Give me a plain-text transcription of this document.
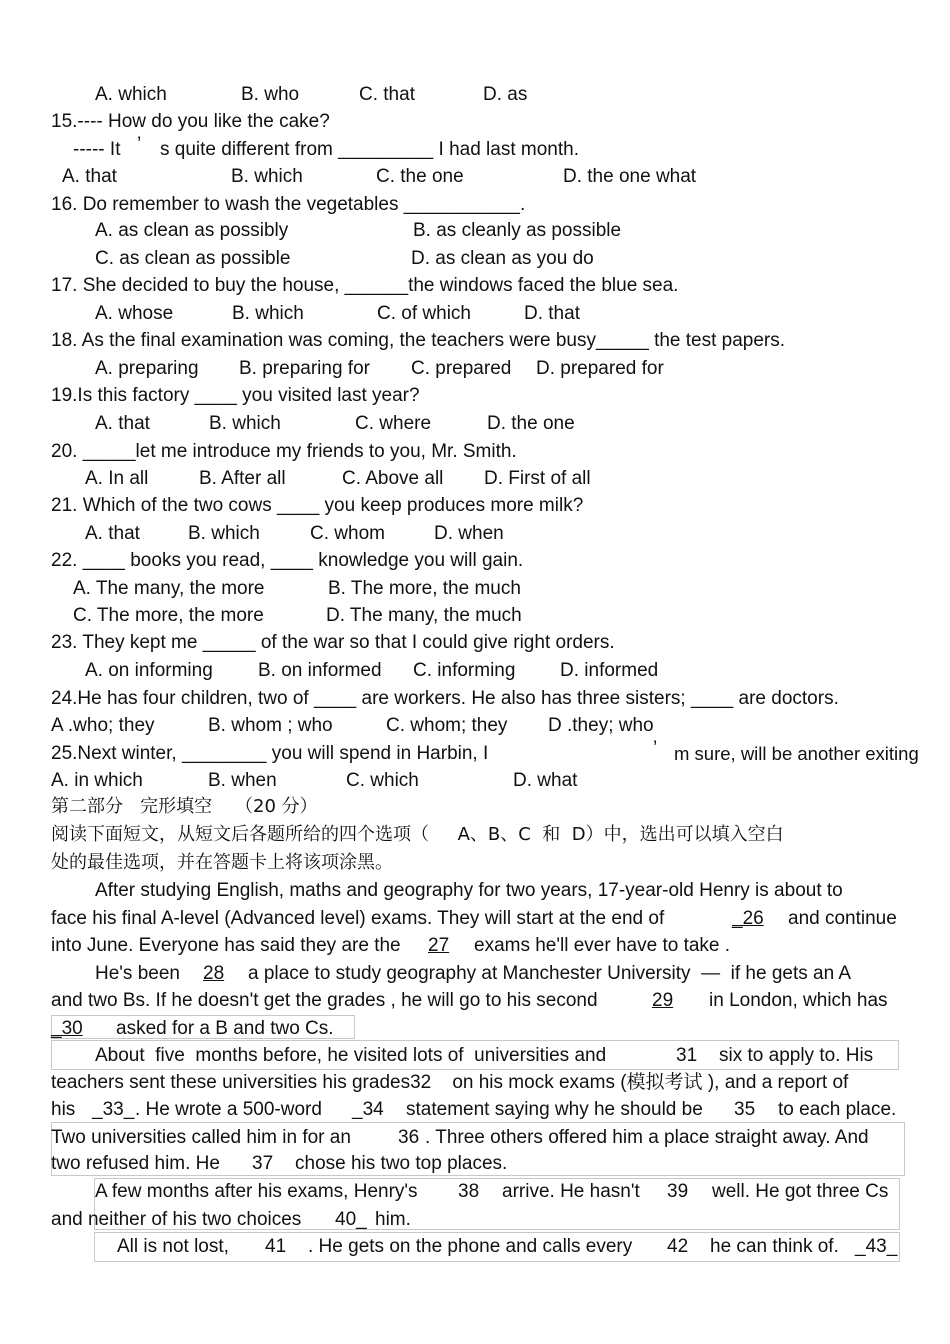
A. which	B. who	C. that	D. as
15.---- How do you like the cake?
----- It ’ s quite different from _________ I had last month.
A. that	B. which	C. the one	D. the one what
16. Do remember to wash the vegetables ___________.
A. as clean as possibly	B. as cleanly as possible
C. as clean as possible	D. as clean as you do
17. She decided to buy the house, ______the windows faced the blue sea.
A. whose	B. which	C. of which	D. that
18. As the final examination was coming, the teachers were busy_____ the test papers.
A. preparing B. preparing for C. prepared D. prepared for
19.Is this factory ____ you visited last year?
A. that	B. which	C. where	D. the one
20. _____let me introduce my friends to you, Mr. Smith.
A. In all	B. After all	C. Above all D. First of all
21. Which of the two cows ____ you keep produces more milk?
A. that	B. which	C. whom	D. when
22. ____ books you read, ____ knowledge you will gain.
A. The many, the more	B. The more, the much
C. The more, the more	D. The many, the much
23. They kept me _____ of the war so that I could give right orders.
A. on informing B. on informed C. informing D. informed
24.He has four children, two of ____ are workers. He also has three sisters; ____ are doctors.
A .who; they	B. whom ; who	C. whom; they D .they; who
25.Next winter, ________ you will spend in Harbin, I	’ m sure, will be another exiting
A. in which	B. when	C. which	D. what
第二部分   完形填空    （20 分）
阅读下面短文，从短文后各题所给的四个选项（     A、B、C  和  D）中，选出可以填入空白
处的最佳选项，并在答题卡上将该项涂黑。
After studying English, maths and geography for two years, 17-year-old Henry is about to
face his final A-level (Advanced level) exams. They will start at the end of	_26 and continue
into June. Everyone has said they are the 27 exams he'll ever have to take .
He's been 28 a place to study geography at Manchester University  —  if he gets an A
and two Bs. If he doesn't get the grades , he will go to his second	29 in London, which has
_30 asked for a B and two Cs.
About  five  months before, he visited lots of  universities and	31 six to apply to. His
teachers sent these universities his grades32    on his mock exams (模拟考试 ), and a report of
his _33_ . He wrote a 500-word _34 statement saying why he should be 35 to each place.
Two universities called him in for an 36 . Three others offered him a place straight away. And
two refused him. He 37 chose his two top places.
A few months after his exams, Henry's 38 arrive. He hasn't 39 well. He got three Cs
and neither of his two choices 40_ him.
All is not lost, 41 . He gets on the phone and calls every 42 he can think of. _43_
